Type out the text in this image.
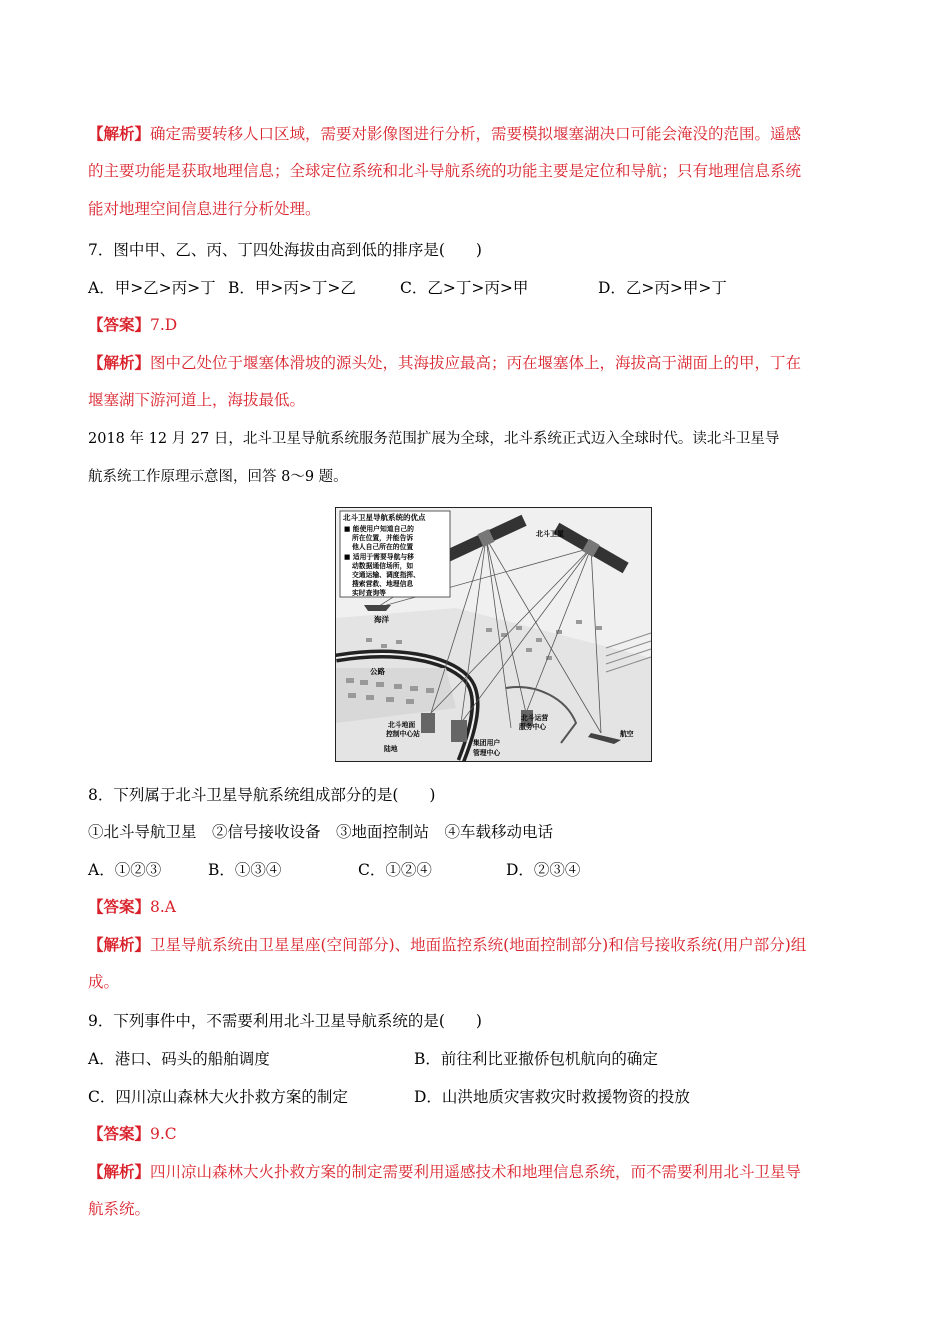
【解析】确定需要转移人口区域，需要对影像图进行分析，需要模拟堰塞湖决口可能会淹没的范围。遥感
的主要功能是获取地理信息；全球定位系统和北斗导航系统的功能主要是定位和导航；只有地理信息系统
能对地理空间信息进行分析处理。
7．图中甲、乙、丙、丁四处海拔由高到低的排序是(　　)
A．甲>乙>丙>丁 B．甲>丙>丁>乙	C．乙>丁>丙>甲	D．乙>丙>甲>丁
【答案】7.D
【解析】图中乙处位于堰塞体滑坡的源头处，其海拔应最高；丙在堰塞体上，海拔高于湖面上的甲，丁在
堰塞湖下游河道上，海拔最低。
2018 年 12 月 27 日，北斗卫星导航系统服务范围扩展为全球，北斗系统正式迈入全球时代。读北斗卫星导
航系统工作原理示意图，回答 8～9 题。
北斗卫星导航系统的优点
■ 能使用户知道自己的
所在位置，并能告诉
他人自己所在的位置
■ 适用于需要导航与移
动数据通信场所，如
交通运输、调度指挥、
搜索营救、地理信息
实时查询等
北斗卫星
海洋
公路
北斗地面
控制中心站
陆地
集团用户
管理中心
北斗运营
服务中心
航空
8．下列属于北斗卫星导航系统组成部分的是(　　)
①北斗导航卫星　②信号接收设备　③地面控制站　④车载移动电话
A．①②③	B．①③④	C．①②④	D．②③④
【答案】8.A
【解析】卫星导航系统由卫星星座(空间部分)、地面监控系统(地面控制部分)和信号接收系统(用户部分)组
成。
9．下列事件中，不需要利用北斗卫星导航系统的是(　　)
A．港口、码头的船舶调度	B．前往利比亚撤侨包机航向的确定
C．四川凉山森林大火扑救方案的制定	D．山洪地质灾害救灾时救援物资的投放
【答案】9.C
【解析】四川凉山森林大火扑救方案的制定需要利用遥感技术和地理信息系统，而不需要利用北斗卫星导
航系统。
